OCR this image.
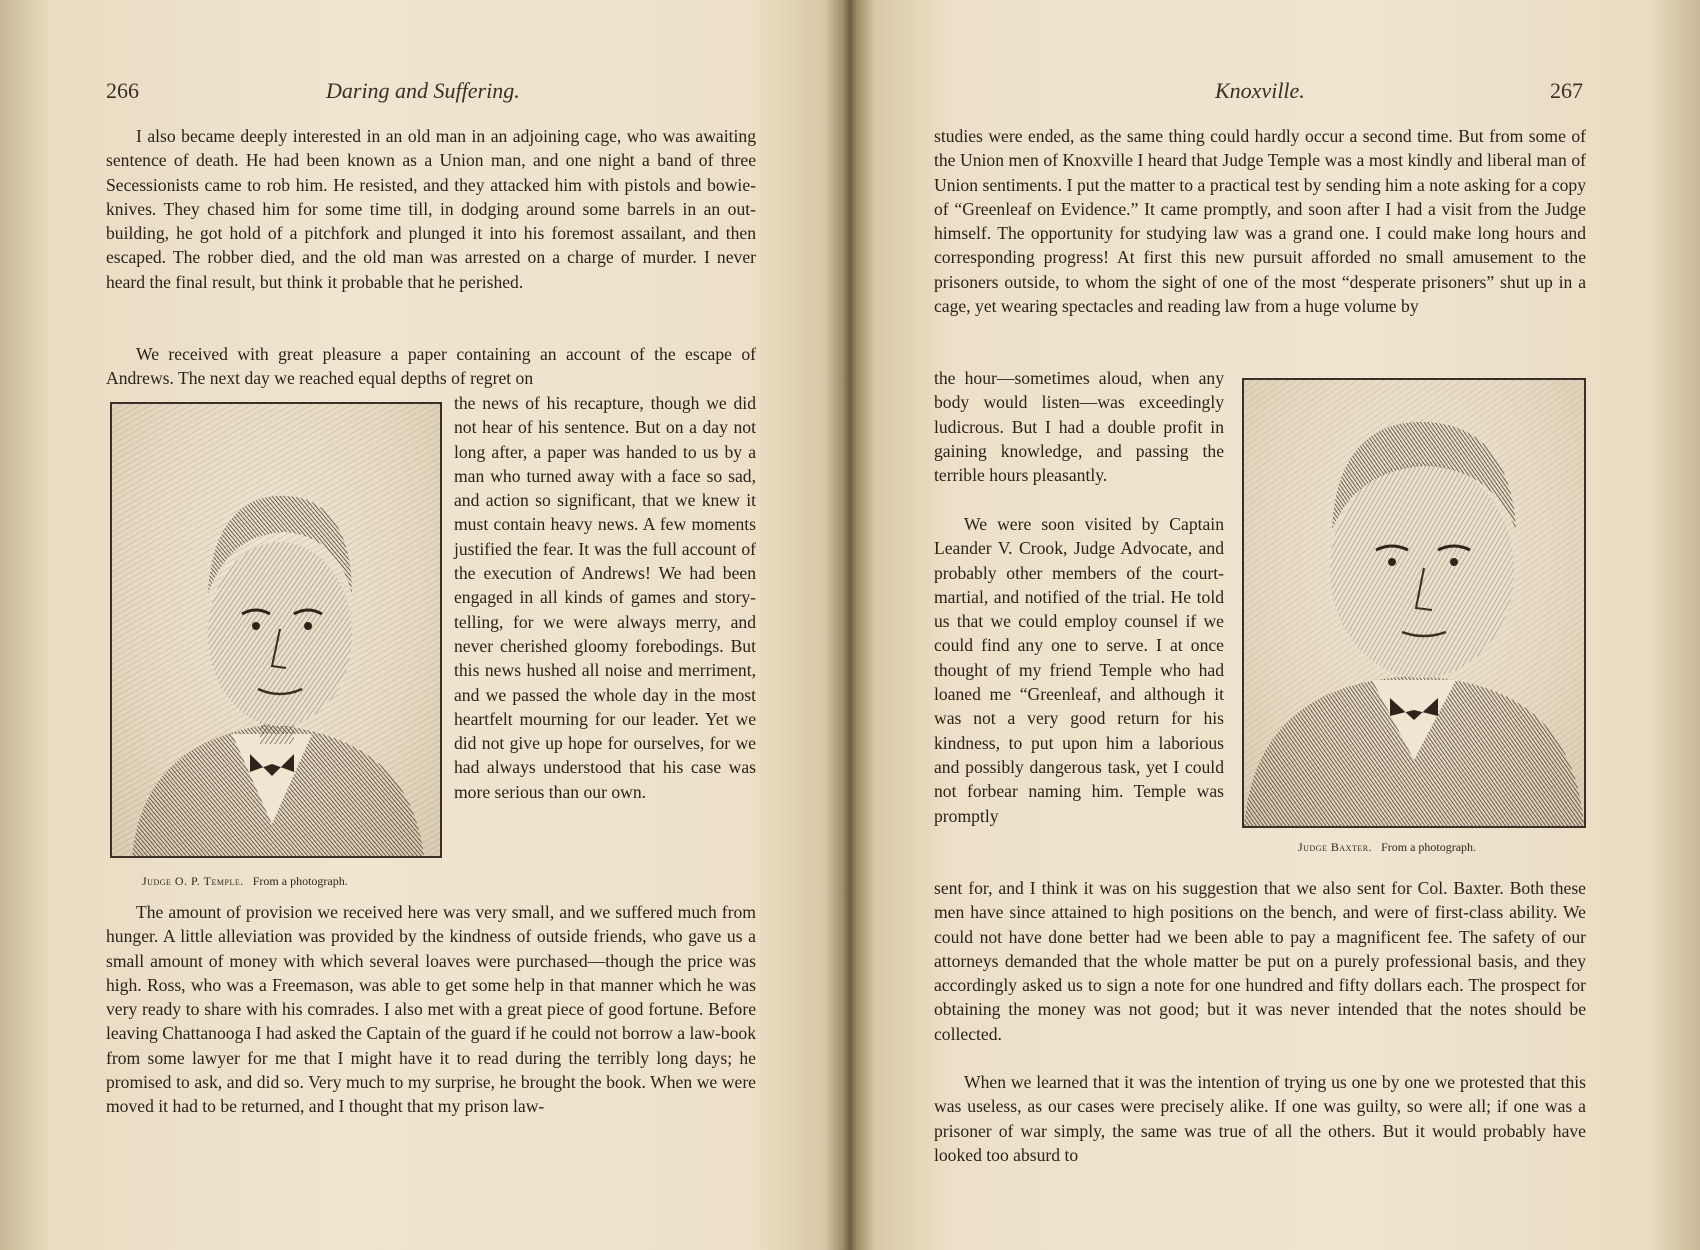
266	Daring and Suffering.

I also became deeply interested in an old man in an adjoining cage, who was awaiting sentence of death. He had been known as a Union man, and one night a band of three Secessionists came to rob him. He resisted, and they attacked him with pistols and bowie-knives. They chased him for some time till, in dodging around some barrels in an out-building, he got hold of a pitchfork and plunged it into his foremost assailant, and then escaped. The robber died, and the old man was arrested on a charge of murder. I never heard the final result, but think it probable that he perished.

We received with great pleasure a paper containing an account of the escape of Andrews. The next day we reached equal depths of regret on

Judge O. P. Temple. From a photograph.

the news of his recapture, though we did not hear of his sentence. But on a day not long after, a paper was handed to us by a man who turned away with a face so sad, and action so significant, that we knew it must contain heavy news. A few moments justified the fear. It was the full account of the execution of Andrews! We had been engaged in all kinds of games and story-telling, for we were always merry, and never cherished gloomy forebodings. But this news hushed all noise and merriment, and we passed the whole day in the most heartfelt mourning for our leader. Yet we did not give up hope for ourselves, for we had always understood that his case was more serious than our own.

The amount of provision we received here was very small, and we suffered much from hunger. A little alleviation was provided by the kindness of outside friends, who gave us a small amount of money with which several loaves were purchased—though the price was high. Ross, who was a Freemason, was able to get some help in that manner which he was very ready to share with his comrades. I also met with a great piece of good fortune. Before leaving Chattanooga I had asked the Captain of the guard if he could not borrow a law-book from some lawyer for me that I might have it to read during the terribly long days; he promised to ask, and did so. Very much to my surprise, he brought the book. When we were moved it had to be returned, and I thought that my prison law-

Knoxville.	267

studies were ended, as the same thing could hardly occur a second time. But from some of the Union men of Knoxville I heard that Judge Temple was a most kindly and liberal man of Union sentiments. I put the matter to a practical test by sending him a note asking for a copy of “Greenleaf on Evidence.” It came promptly, and soon after I had a visit from the Judge himself. The opportunity for studying law was a grand one. I could make long hours and corresponding progress! At first this new pursuit afforded no small amusement to the prisoners outside, to whom the sight of one of the most “desperate prisoners” shut up in a cage, yet wearing spectacles and reading law from a huge volume by

the hour—sometimes aloud, when any body would listen—was exceedingly ludicrous. But I had a double profit in gaining knowledge, and passing the terrible hours pleasantly.

We were soon visited by Captain Leander V. Crook, Judge Advocate, and probably other members of the court-martial, and notified of the trial. He told us that we could employ counsel if we could find any one to serve. I at once thought of my friend Temple who had loaned me “Greenleaf, and although it was not a very good return for his kindness, to put upon him a laborious and possibly dangerous task, yet I could not forbear naming him. Temple was promptly

Judge Baxter. From a photograph.

sent for, and I think it was on his suggestion that we also sent for Col. Baxter. Both these men have since attained to high positions on the bench, and were of first-class ability. We could not have done better had we been able to pay a magnificent fee. The safety of our attorneys demanded that the whole matter be put on a purely professional basis, and they accordingly asked us to sign a note for one hundred and fifty dollars each. The prospect for obtaining the money was not good; but it was never intended that the notes should be collected.

When we learned that it was the intention of trying us one by one we protested that this was useless, as our cases were precisely alike. If one was guilty, so were all; if one was a prisoner of war simply, the same was true of all the others. But it would probably have looked too absurd to
